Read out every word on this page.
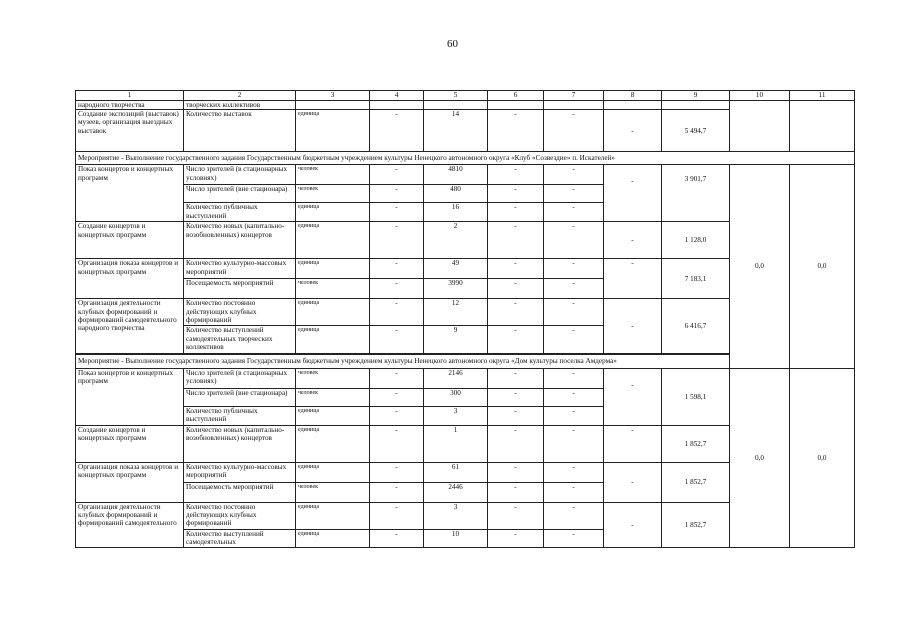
60
1	2	3	4	5	6	7	8	9	10	11
народного творчества	творческих коллективов									
Создание экспозиций (выставок) музеев, организация выездных выставок	Количество выставок	единица	-	14	-	-	-	5 494,7		
Мероприятие - Выполнение государственного задания Государственным бюджетным учреждением культуры Ненецкого автономного округа «Клуб «Созвездие» п. Искателей»										
Показ концертов и концертных программ	Число зрителей (в стационарных условиях)	человек	-	4810	-	-	-	3 901,7	0,0	0,0
	Число зрителей (вне стационара)	человек	-	480	-	-				
	Количество публичных выступлений	единица	-	16	-	-				
Создание концертов и концертных программ	Количество новых (капитально-возобновленных) концертов	единица	-	2	-	-	-	1 128,0		
Организация показа концертов и концертных программ	Количество культурно-массовых мероприятий	единица	-	49	-	-	-	7 183,1		
	Посещаемость мероприятий	человек	-	3990	-	-				
Организация деятельности клубных формирований и формирований самодеятельного народного творчества	Количество постоянно действующих клубных формирований	единица	-	12	-	-	-	6 416,7		
	Количество выступлений самодеятельных творческих коллективов	единица	-	9	-	-				

Мероприятие - Выполнение государственного задания Государственным бюджетным учреждением культуры Ненецкого автономного округа «Дом культуры поселка Амдерма»										
Показ концертов и концертных программ	Число зрителей (в стационарных условиях)	человек	-	2146	-	-	-	1 598,1	0,0	0,0
	Число зрителей (вне стационара)	человек	-	300	-	-				
	Количество публичных выступлений	единица	-	3	-	-				
Создание концертов и концертных программ	Количество новых (капитально-возобновленных) концертов	единица	-	1	-	-	-	1 852,7		
Организация показа концертов и концертных программ	Количество культурно-массовых мероприятий	единица	-	61	-	-	-	1 852,7		
	Посещаемость мероприятий	человек	-	2446	-	-				
Организация деятельности клубных формирований и формирований самодеятельного	Количество постоянно действующих клубных формирований	единица	-	3	-	-	-	1 852,7		
	Количество выступлений самодеятельных	единица	-	10	-	-				
